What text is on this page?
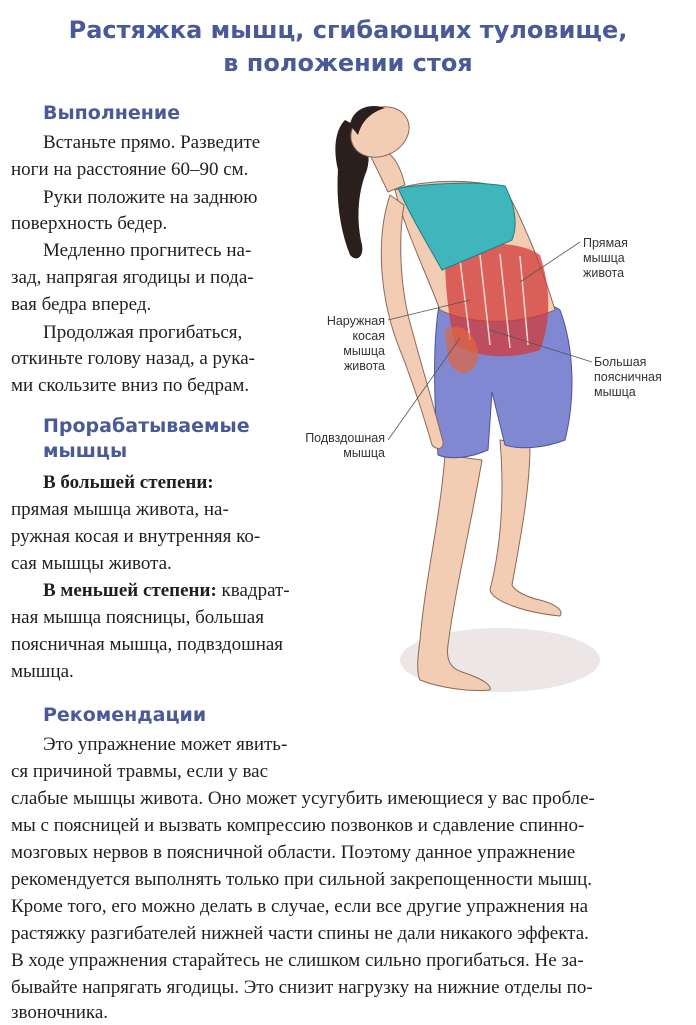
Растяжка мышц, сгибающих туловище,
в положении стоя
Выполнение
Встаньте прямо. Разведите
ноги на расстояние 60–90 см.
Руки положите на заднюю
поверхность бедер.
Медленно прогнитесь на-
зад, напрягая ягодицы и пода-
вая бедра вперед.
Продолжая прогибаться,
откиньте голову назад, а рука-
ми скользите вниз по бедрам.
Прорабатываемые
мышцы
В большей степени:
прямая мышца живота, на-
ружная косая и внутренняя ко-
сая мышцы живота.
В меньшей степени: квадрат-
ная мышца поясницы, большая
поясничная мышца, подвздошная
мышца.
Рекомендации
Это упражнение может явить-
ся причиной травмы, если у вас
слабые мышцы живота. Оно может усугубить имеющиеся у вас пробле-
мы с поясницей и вызвать компрессию позвонков и сдавление спинно-
мозговых нервов в поясничной области. Поэтому данное упражнение
рекомендуется выполнять только при сильной закрепощенности мышц.
Кроме того, его можно делать в случае, если все другие упражнения на
растяжку разгибателей нижней части спины не дали никакого эффекта.
В ходе упражнения старайтесь не слишком сильно прогибаться. Не за-
бывайте напрягать ягодицы. Это снизит нагрузку на нижние отделы по-
звоночника.
Прямая
мышца
живота
Наружная
косая
мышца
живота	Большая
поясничная
мышца
Подвздошная
мышца
